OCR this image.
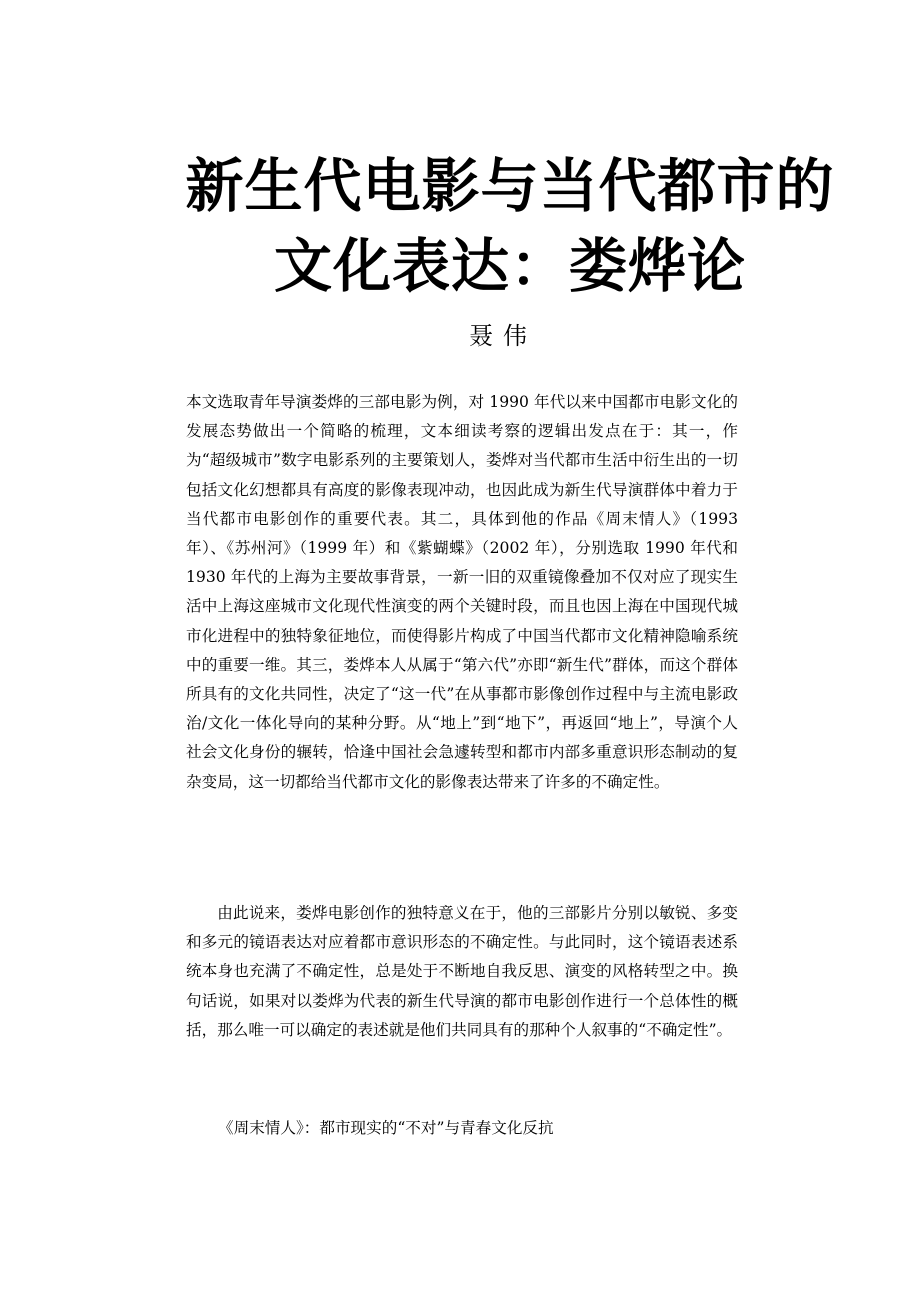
新生代电影与当代都市的
文化表达：娄烨论
聂伟

本文选取青年导演娄烨的三部电影为例，对 1990 年代以来中国都市电影文化的发展态势做出一个简略的梳理，文本细读考察的逻辑出发点在于：其一，作为“超级城市”数字电影系列的主要策划人，娄烨对当代都市生活中衍生出的一切包括文化幻想都具有高度的影像表现冲动，也因此成为新生代导演群体中着力于当代都市电影创作的重要代表。其二，具体到他的作品《周末情人》（1993 年）、《苏州河》（1999 年）和《紫蝴蝶》（2002 年），分别选取 1990 年代和 1930 年代的上海为主要故事背景，一新一旧的双重镜像叠加不仅对应了现实生活中上海这座城市文化现代性演变的两个关键时段，而且也因上海在中国现代城市化进程中的独特象征地位，而使得影片构成了中国当代都市文化精神隐喻系统中的重要一维。其三，娄烨本人从属于“第六代”亦即“新生代”群体，而这个群体所具有的文化共同性，决定了“这一代”在从事都市影像创作过程中与主流电影政治/文化一体化导向的某种分野。从“地上”到“地下”，再返回“地上”，导演个人社会文化身份的辗转，恰逢中国社会急遽转型和都市内部多重意识形态制动的复杂变局，这一切都给当代都市文化的影像表达带来了许多的不确定性。

由此说来，娄烨电影创作的独特意义在于，他的三部影片分别以敏锐、多变和多元的镜语表达对应着都市意识形态的不确定性。与此同时，这个镜语表述系统本身也充满了不确定性，总是处于不断地自我反思、演变的风格转型之中。换句话说，如果对以娄烨为代表的新生代导演的都市电影创作进行一个总体性的概括，那么唯一可以确定的表述就是他们共同具有的那种个人叙事的“不确定性”。

《周末情人》：都市现实的“不对”与青春文化反抗
